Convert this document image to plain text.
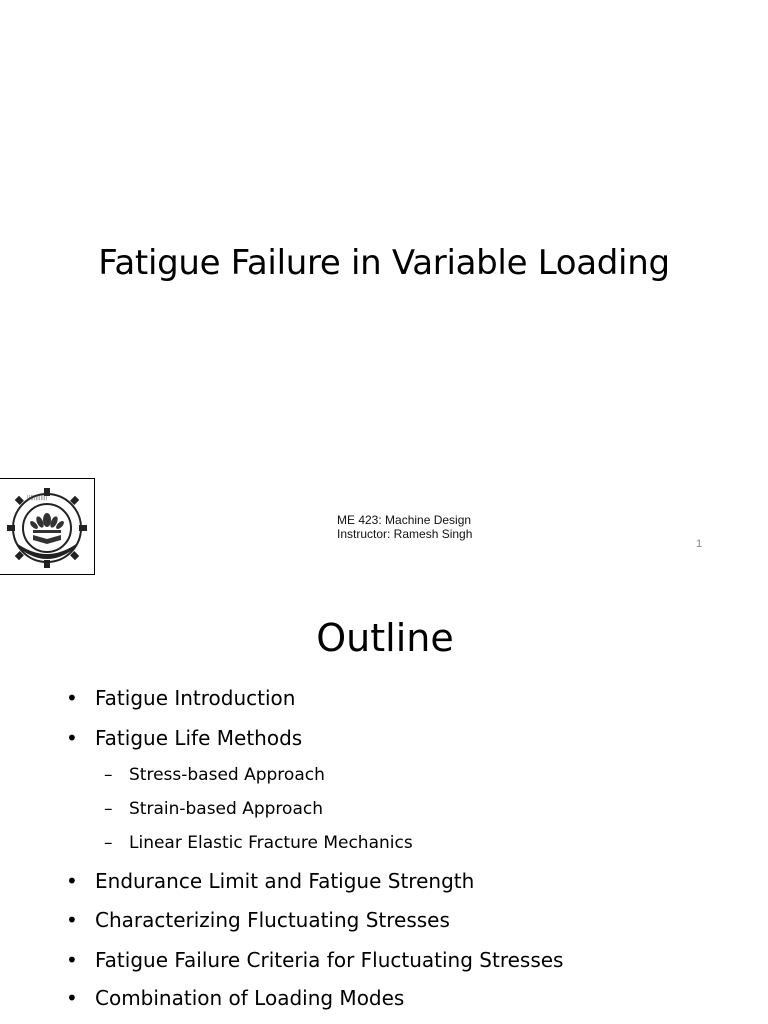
Fatigue Failure in Variable Loading
||||||||||||
ME 423: Machine Design
Instructor: Ramesh Singh
1
Outline
• Fatigue Introduction
• Fatigue Life Methods
– Stress-based Approach
– Strain-based Approach
– Linear Elastic Fracture Mechanics
• Endurance Limit and Fatigue Strength
• Characterizing Fluctuating Stresses
• Fatigue Failure Criteria for Fluctuating Stresses
• Combination of Loading Modes
